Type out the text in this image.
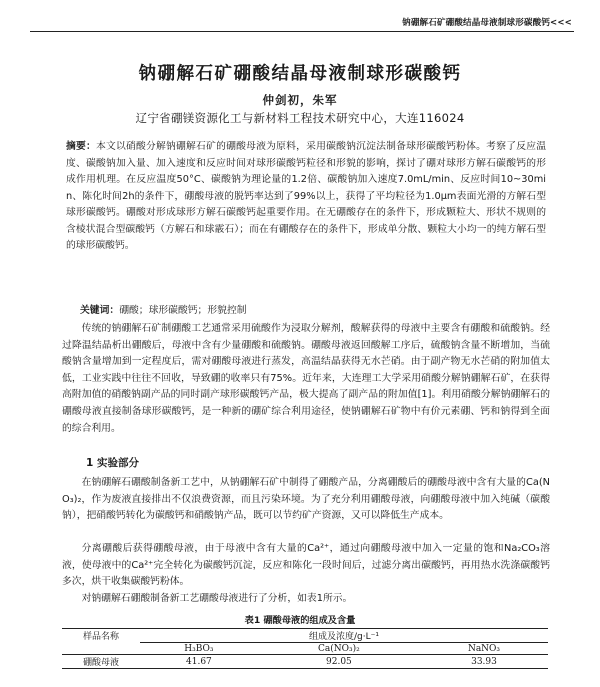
钠硼解石矿硼酸结晶母液制球形碳酸钙<<<
钠硼解石矿硼酸结晶母液制球形碳酸钙
仲剑初，朱军
辽宁省硼镁资源化工与新材料工程技术研究中心，大连116024
摘要：本文以硝酸分解钠硼解石矿的硼酸母液为原料，采用碳酸钠沉淀法制备球形碳酸钙粉体。考察了反应温度、碳酸钠加入量、加入速度和反应时间对球形碳酸钙粒径和形貌的影响，探讨了硼对球形方解石碳酸钙的形成作用机理。在反应温度50°C、碳酸钠为理论量的1.2倍、碳酸钠加入速度7.0mL/min、反应时间10~30min、陈化时间2h的条件下，硼酸母液的脱钙率达到了99%以上，获得了平均粒径为1.0μm表面光滑的方解石型球形碳酸钙。硼酸对形成球形方解石碳酸钙起重要作用。在无硼酸存在的条件下，形成颗粒大、形状不规则的含棱状混合型碳酸钙（方解石和球霰石）；而在有硼酸存在的条件下，形成单分散、颗粒大小均一的纯方解石型的球形碳酸钙。
关键词：硼酸；球形碳酸钙；形貌控制
传统的钠硼解石矿制硼酸工艺通常采用硫酸作为浸取分解剂，酸解获得的母液中主要含有硼酸和硫酸钠。经过降温结晶析出硼酸后，母液中含有少量硼酸和硫酸钠。硼酸母液返回酸解工序后，硫酸钠含量不断增加，当硫酸钠含量增加到一定程度后，需对硼酸母液进行蒸发，高温结晶获得无水芒硝。由于副产物无水芒硝的附加值太低，工业实践中往往不回收，导致硼的收率只有75%。近年来，大连理工大学采用硝酸分解钠硼解石矿，在获得高附加值的硝酸钠副产品的同时副产球形碳酸钙产品，极大提高了副产品的附加值[1]。利用硝酸分解钠硼解石的硼酸母液直接制备球形碳酸钙，是一种新的硼矿综合利用途径，使钠硼解石矿物中有价元素硼、钙和钠得到全面的综合利用。
1 实验部分
在钠硼解石硼酸制备新工艺中，从钠硼解石矿中制得了硼酸产品，分离硼酸后的硼酸母液中含有大量的Ca(NO₃)₂，作为废液直接排出不仅浪费资源，而且污染环境。为了充分利用硼酸母液，向硼酸母液中加入纯碱（碳酸钠），把硝酸钙转化为碳酸钙和硝酸钠产品，既可以节约矿产资源，又可以降低生产成本。
分离硼酸后获得硼酸母液，由于母液中含有大量的Ca²⁺，通过向硼酸母液中加入一定量的饱和Na₂CO₃溶液，使母液中的Ca²⁺完全转化为碳酸钙沉淀，反应和陈化一段时间后，过滤分离出碳酸钙，再用热水洗涤碳酸钙多次，烘干收集碳酸钙粉体。
对钠硼解石硼酸制备新工艺硼酸母液进行了分析，如表1所示。
表1 硼酸母液的组成及含量
样品名称	组成及浓度/g·L⁻¹		
	H₃BO₃	Ca(NO₃)₂	NaNO₃
硼酸母液	41.67	92.05	33.93
